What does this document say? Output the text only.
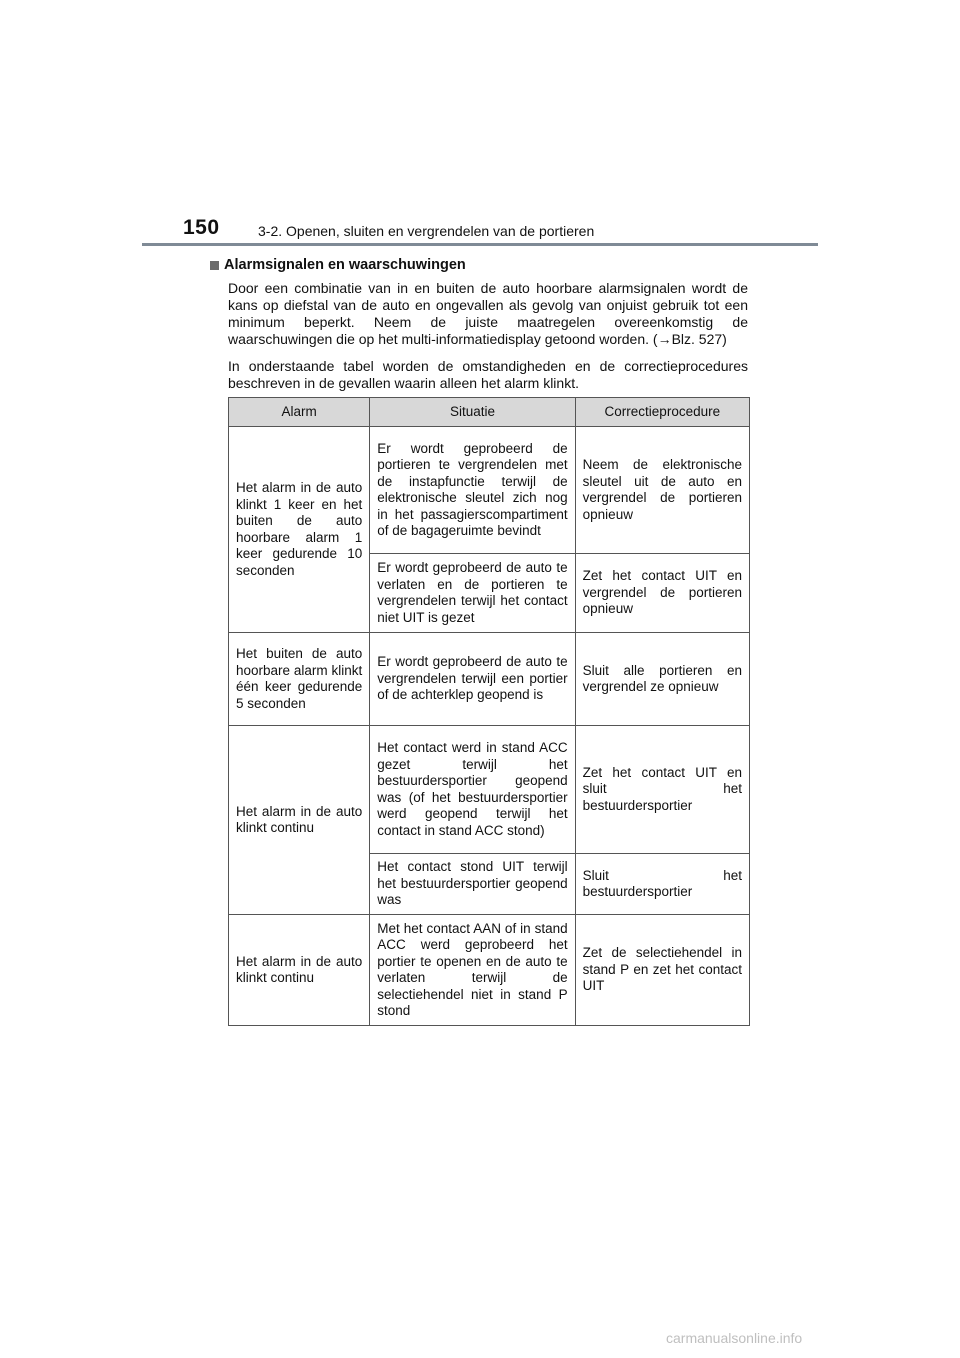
150	3-2. Openen, sluiten en vergrendelen van de portieren
Alarmsignalen en waarschuwingen

Door een combinatie van in en buiten de auto hoorbare alarmsignalen wordt de kans op diefstal van de auto en ongevallen als gevolg van onjuist gebruik tot een minimum beperkt. Neem de juiste maatregelen overeenkomstig de waarschuwingen die op het multi-informatiedisplay getoond worden. (→Blz. 527)

In onderstaande tabel worden de omstandigheden en de correctieprocedures beschreven in de gevallen waarin alleen het alarm klinkt.

Alarm	Situatie	Correctieprocedure
Het alarm in de auto klinkt 1 keer en het buiten de auto hoorbare alarm 1 keer gedurende 10 seconden	Er wordt geprobeerd de portieren te vergrendelen met de instapfunctie terwijl de elektronische sleutel zich nog in het passagierscompartiment of de bagageruimte bevindt	Neem de elektronische sleutel uit de auto en vergrendel de portieren opnieuw
	Er wordt geprobeerd de auto te verlaten en de portieren te vergrendelen terwijl het contact niet UIT is gezet	Zet het contact UIT en vergrendel de portieren opnieuw
Het buiten de auto hoorbare alarm klinkt één keer gedurende 5 seconden	Er wordt geprobeerd de auto te vergrendelen terwijl een portier of de achterklep geopend is	Sluit alle portieren en vergrendel ze opnieuw
Het alarm in de auto klinkt continu	Het contact werd in stand ACC gezet terwijl het bestuurdersportier geopend was (of het bestuurdersportier werd geopend terwijl het contact in stand ACC stond)	Zet het contact UIT en sluit het bestuurdersportier
	Het contact stond UIT terwijl het bestuurdersportier geopend was	Sluit het bestuurdersportier
Het alarm in de auto klinkt continu	Met het contact AAN of in stand ACC werd geprobeerd het portier te openen en de auto te verlaten terwijl de selectiehendel niet in stand P stond	Zet de selectiehendel in stand P en zet het contact UIT
carmanualsonline.info
